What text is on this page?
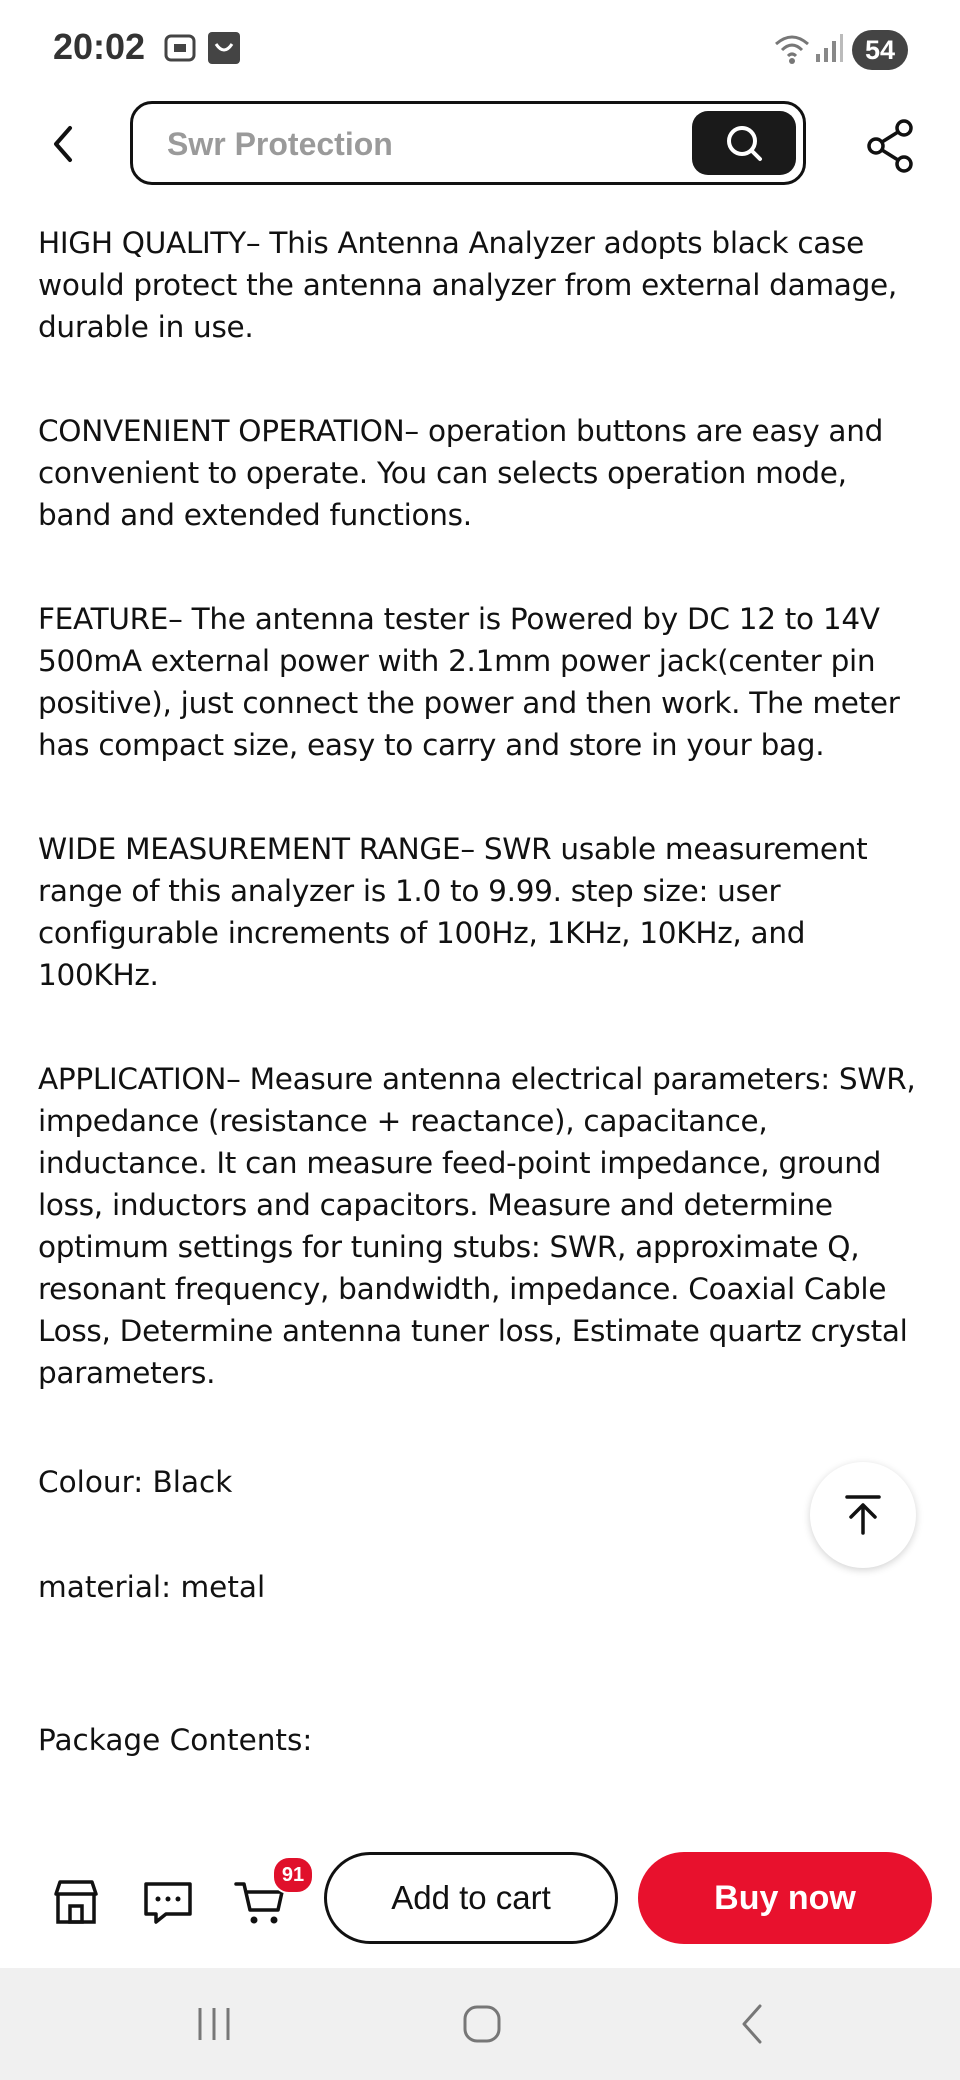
20:02	54
Swr Protection

HIGH QUALITY– This Antenna Analyzer adopts black case would protect the antenna analyzer from external damage, durable in use.

CONVENIENT OPERATION– operation buttons are easy and convenient to operate. You can selects operation mode, band and extended functions.

FEATURE– The antenna tester is Powered by DC 12 to 14V 500mA external power with 2.1mm power jack(center pin positive), just connect the power and then work. The meter has compact size, easy to carry and store in your bag.

WIDE MEASUREMENT RANGE– SWR usable measurement range of this analyzer is 1.0 to 9.99. step size: user configurable increments of 100Hz, 1KHz, 10KHz, and 100KHz.

APPLICATION– Measure antenna electrical parameters: SWR, impedance (resistance + reactance), capacitance, inductance. It can measure feed-point impedance, ground loss, inductors and capacitors. Measure and determine optimum settings for tuning stubs: SWR, approximate Q, resonant frequency, bandwidth, impedance. Coaxial Cable Loss, Determine antenna tuner loss, Estimate quartz crystal parameters.

Colour: Black

material: metal

Package Contents:

91
Add to cart	Buy now
